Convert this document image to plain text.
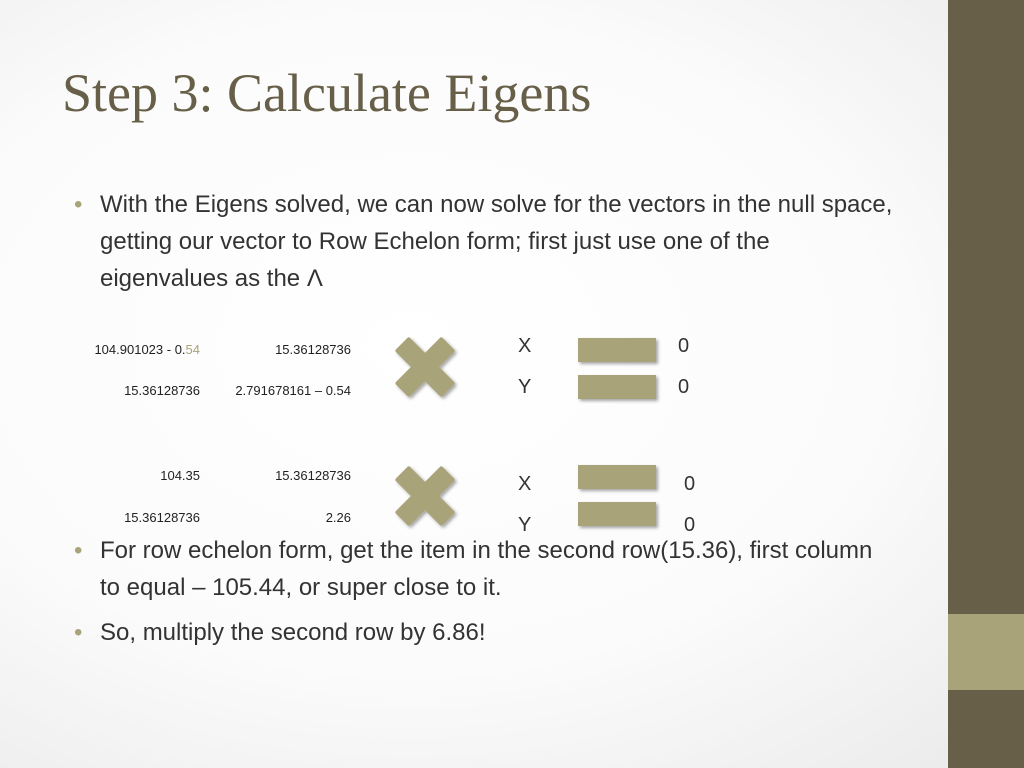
Step 3: Calculate Eigens
• With the Eigens solved, we can now solve for the vectors in the null space, getting our vector to Row Echelon form; first just use one of the eigenvalues as the Λ
104.901023 - 0.54	15.36128736
15.36128736	2.791678161 – 0.54
X
Y
0
0
104.35	15.36128736
15.36128736	2.26
X
Y
0
0
• For row echelon form, get the item in the second row(15.36), first column to equal – 105.44, or super close to it.
• So, multiply the second row by 6.86!
